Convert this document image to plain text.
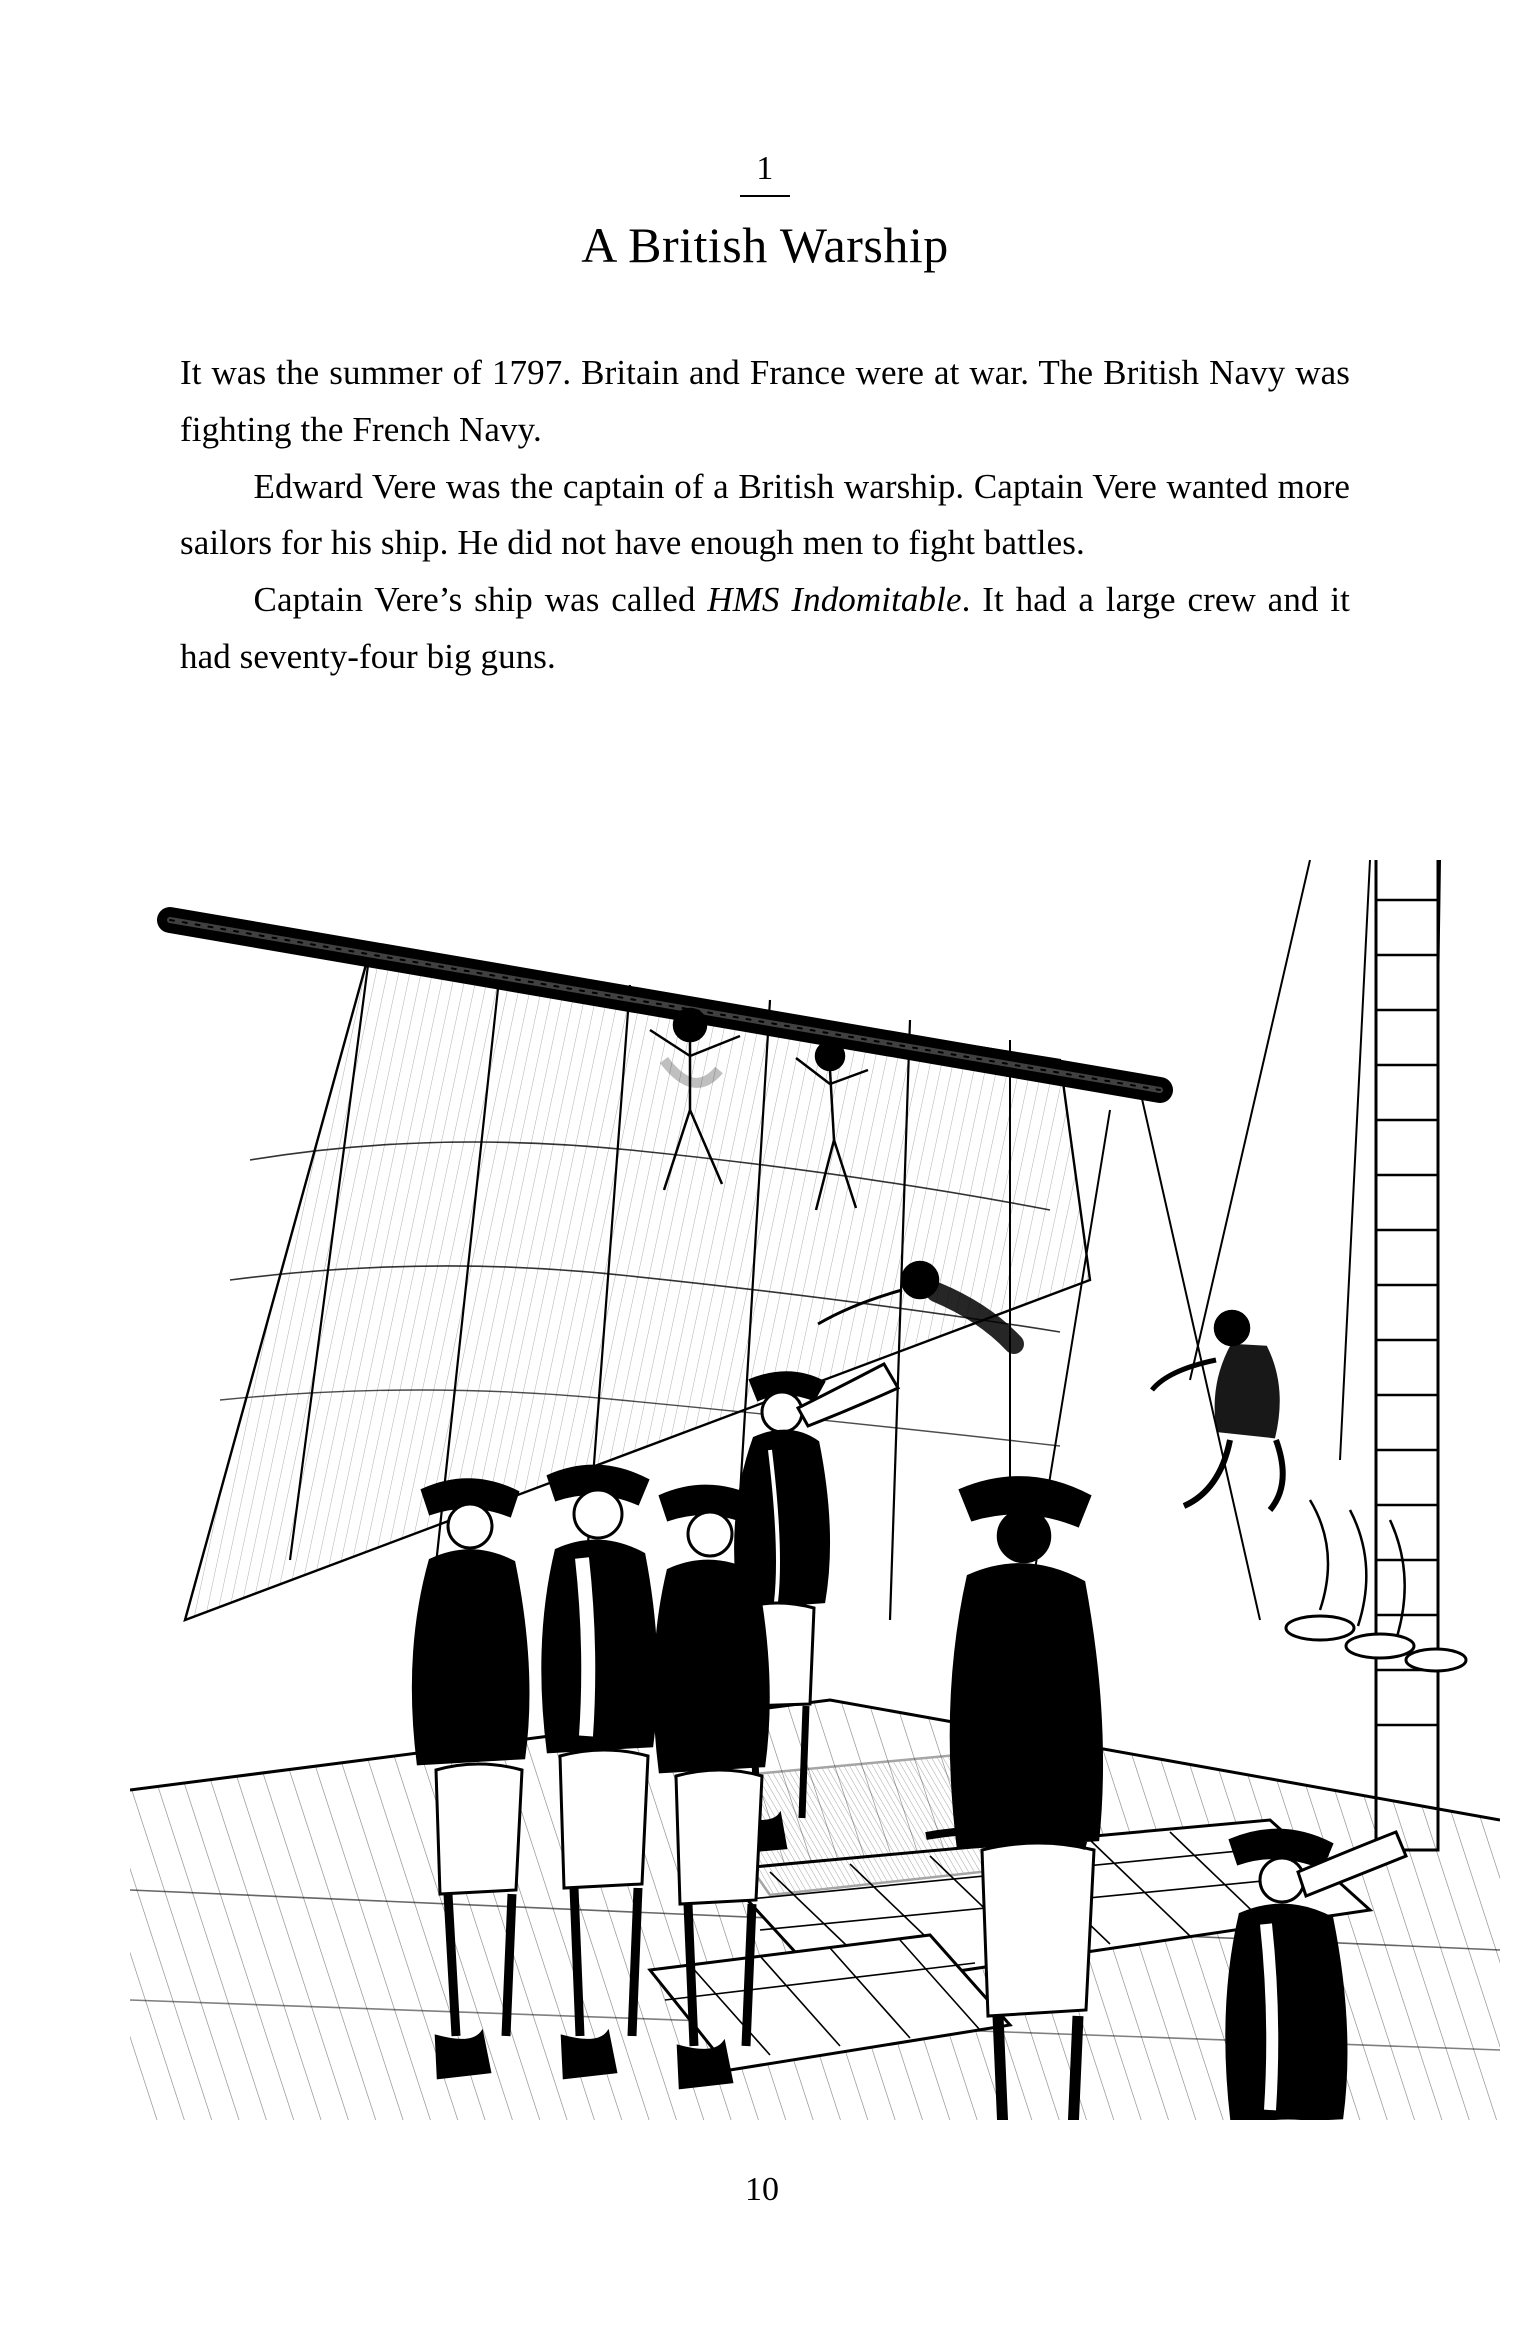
1
A British Warship

It was the summer of 1797. Britain and France were at war. The British Navy was fighting the French Navy.

Edward Vere was the captain of a British warship. Captain Vere wanted more sailors for his ship. He did not have enough men to fight battles.

Captain Vere’s ship was called HMS Indomitable. It had a large crew and it had seventy-four big guns.

10
